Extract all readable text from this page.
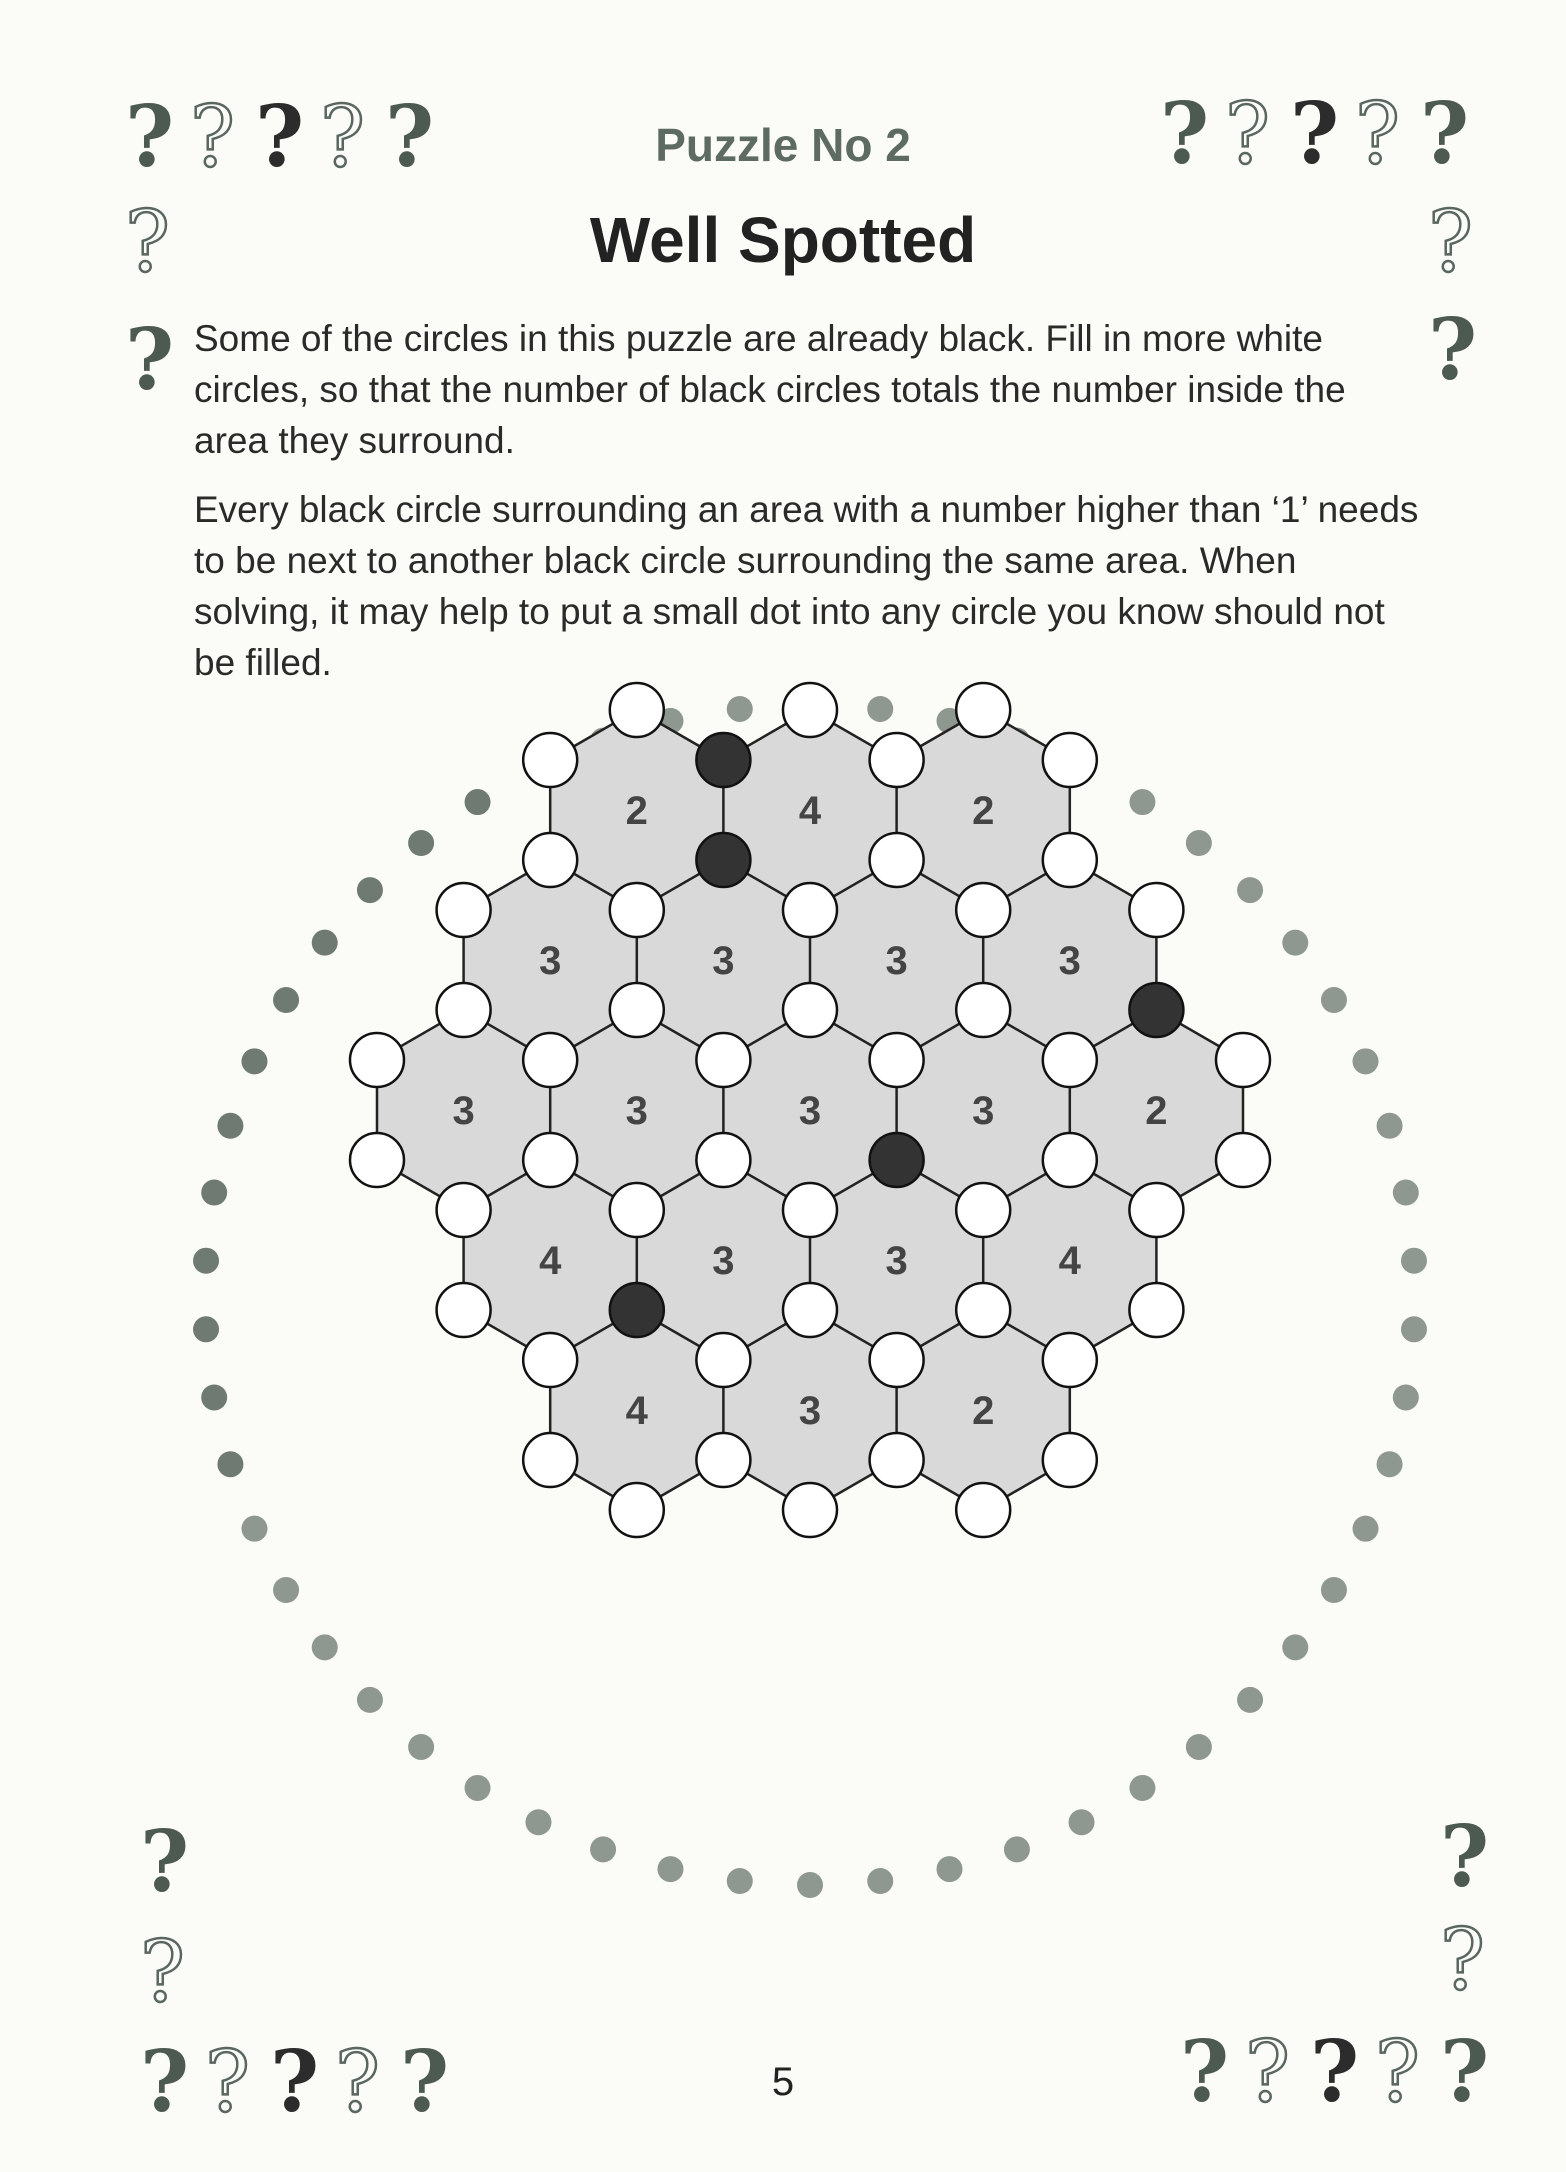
? ? ? ? ?
?
?
? ? ? ? ?
?
?
?
?
? ? ? ? ?
?
?
? ? ? ? ?
Puzzle No 2
Well Spotted

Some of the circles in this puzzle are already black. Fill in more white circles, so that the number of black circles totals the number inside the area they surround.

Every black circle surrounding an area with a number higher than ‘1’ needs to be next to another black circle surrounding the same area. When solving, it may help to put a small dot into any circle you know should not be filled.

2	4	2
3	3	3	3
3	3	3	3	2
4	3	3	4
4	3	2
5
